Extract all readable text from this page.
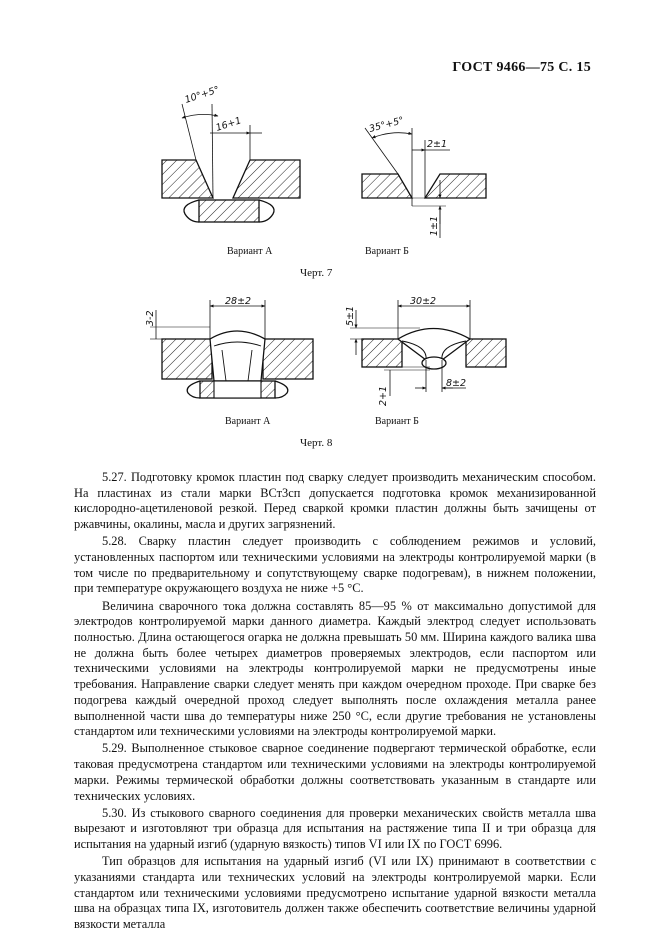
ГОСТ 9466—75 С. 15
10°+5°
16+1	35°+5°
2±1
1±1
28±2
3-2
30±2
5±1
2+1
8±2
Вариант А	Вариант Б
Черт. 7
Вариант А	Вариант Б
Черт. 8

5.27. Подготовку кромок пластин под сварку следует производить механическим способом. На пластинах из стали марки ВСт3сп допускается подготовка кромок механизированной кислородно-ацетиленовой резкой. Перед сваркой кромки пластин должны быть зачищены от ржавчины, окалины, масла и других загрязнений.

5.28. Сварку пластин следует производить с соблюдением режимов и условий, установленных паспортом или техническими условиями на электроды контролируемой марки (в том числе по предварительному и сопутствующему сварке подогревам), в нижнем положении, при температуре окружающего воздуха не ниже +5 °С.

Величина сварочного тока должна составлять 85—95 % от максимально допустимой для электродов контролируемой марки данного диаметра. Каждый электрод следует использовать полностью. Длина остающегося огарка не должна превышать 50 мм. Ширина каждого валика шва не должна быть более четырех диаметров проверяемых электродов, если паспортом или техническими условиями на электроды контролируемой марки не предусмотрены иные требования. Направление сварки следует менять при каждом очередном проходе. При сварке без подогрева каждый очередной проход следует выполнять после охлаждения металла ранее выполненной части шва до температуры ниже 250 °С, если другие требования не установлены стандартом или техническими условиями на электроды контролируемой марки.

5.29. Выполненное стыковое сварное соединение подвергают термической обработке, если таковая предусмотрена стандартом или техническими условиями на электроды контролируемой марки. Режимы термической обработки должны соответствовать указанным в стандарте или технических условиях.

5.30. Из стыкового сварного соединения для проверки механических свойств металла шва вырезают и изготовляют три образца для испытания на растяжение типа II и три образца для испытания на ударный изгиб (ударную вязкость) типов VI или IX по ГОСТ 6996.

Тип образцов для испытания на ударный изгиб (VI или IX) принимают в соответствии с указаниями стандарта или технических условий на электроды контролируемой марки. Если стандартом или техническими условиями предусмотрено испытание ударной вязкости металла шва на образцах типа IX, изготовитель должен также обеспечить соответствие величины ударной вязкости металла
